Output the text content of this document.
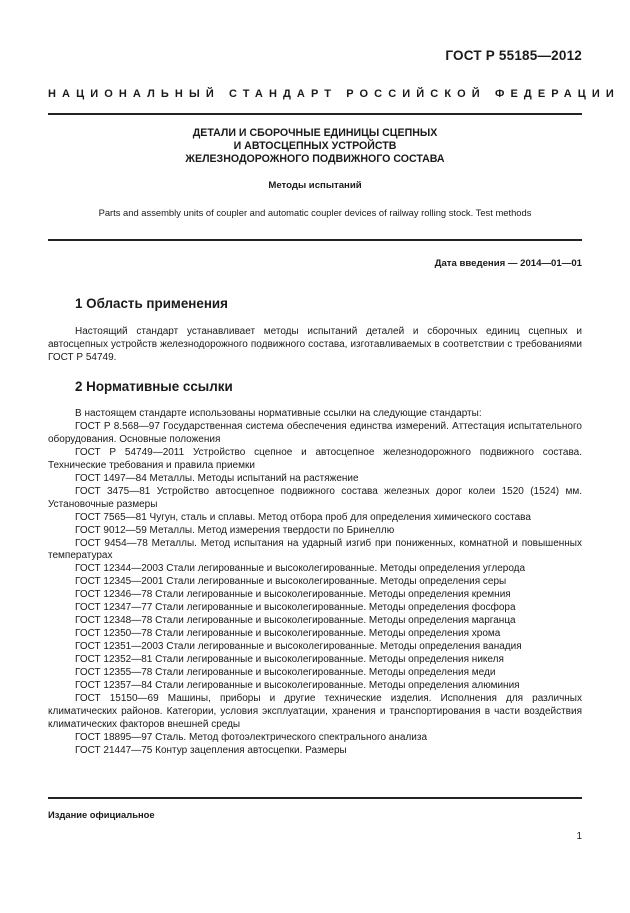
ГОСТ Р 55185—2012
НАЦИОНАЛЬНЫЙ СТАНДАРТ РОССИЙСКОЙ ФЕДЕРАЦИИ
ДЕТАЛИ И СБОРОЧНЫЕ ЕДИНИЦЫ СЦЕПНЫХ
И АВТОСЦЕПНЫХ УСТРОЙСТВ
ЖЕЛЕЗНОДОРОЖНОГО ПОДВИЖНОГО СОСТАВА
Методы испытаний
Parts and assembly units of coupler and automatic coupler devices of railway rolling stock. Test methods
Дата введения — 2014—01—01
1 Область применения
Настоящий стандарт устанавливает методы испытаний деталей и сборочных единиц сцепных и автосцепных устройств железнодорожного подвижного состава, изготавливаемых в соответствии с требованиями ГОСТ Р 54749.
2 Нормативные ссылки

В настоящем стандарте использованы нормативные ссылки на следующие стандарты:

ГОСТ Р 8.568—97 Государственная система обеспечения единства измерений. Аттестация испытательного оборудования. Основные положения

ГОСТ Р 54749—2011 Устройство сцепное и автосцепное железнодорожного подвижного состава. Технические требования и правила приемки

ГОСТ 1497—84 Металлы. Методы испытаний на растяжение

ГОСТ 3475—81 Устройство автосцепное подвижного состава железных дорог колеи 1520 (1524) мм. Установочные размеры

ГОСТ 7565—81 Чугун, сталь и сплавы. Метод отбора проб для определения химического состава

ГОСТ 9012—59 Металлы. Метод измерения твердости по Бринеллю

ГОСТ 9454—78 Металлы. Метод испытания на ударный изгиб при пониженных, комнатной и повышенных температурах

ГОСТ 12344—2003 Стали легированные и высоколегированные. Методы определения углерода

ГОСТ 12345—2001 Стали легированные и высоколегированные. Методы определения серы

ГОСТ 12346—78 Стали легированные и высоколегированные. Методы определения кремния

ГОСТ 12347—77 Стали легированные и высоколегированные. Методы определения фосфора

ГОСТ 12348—78 Стали легированные и высоколегированные. Методы определения марганца

ГОСТ 12350—78 Стали легированные и высоколегированные. Методы определения хрома

ГОСТ 12351—2003 Стали легированные и высоколегированные. Методы определения ванадия

ГОСТ 12352—81 Стали легированные и высоколегированные. Методы определения никеля

ГОСТ 12355—78 Стали легированные и высоколегированные. Методы определения меди

ГОСТ 12357—84 Стали легированные и высоколегированные. Методы определения алюминия

ГОСТ 15150—69 Машины, приборы и другие технические изделия. Исполнения для различных климатических районов. Категории, условия эксплуатации, хранения и транспортирования в части воздействия климатических факторов внешней среды

ГОСТ 18895—97 Сталь. Метод фотоэлектрического спектрального анализа

ГОСТ 21447—75 Контур зацепления автосцепки. Размеры

Издание официальное
1
